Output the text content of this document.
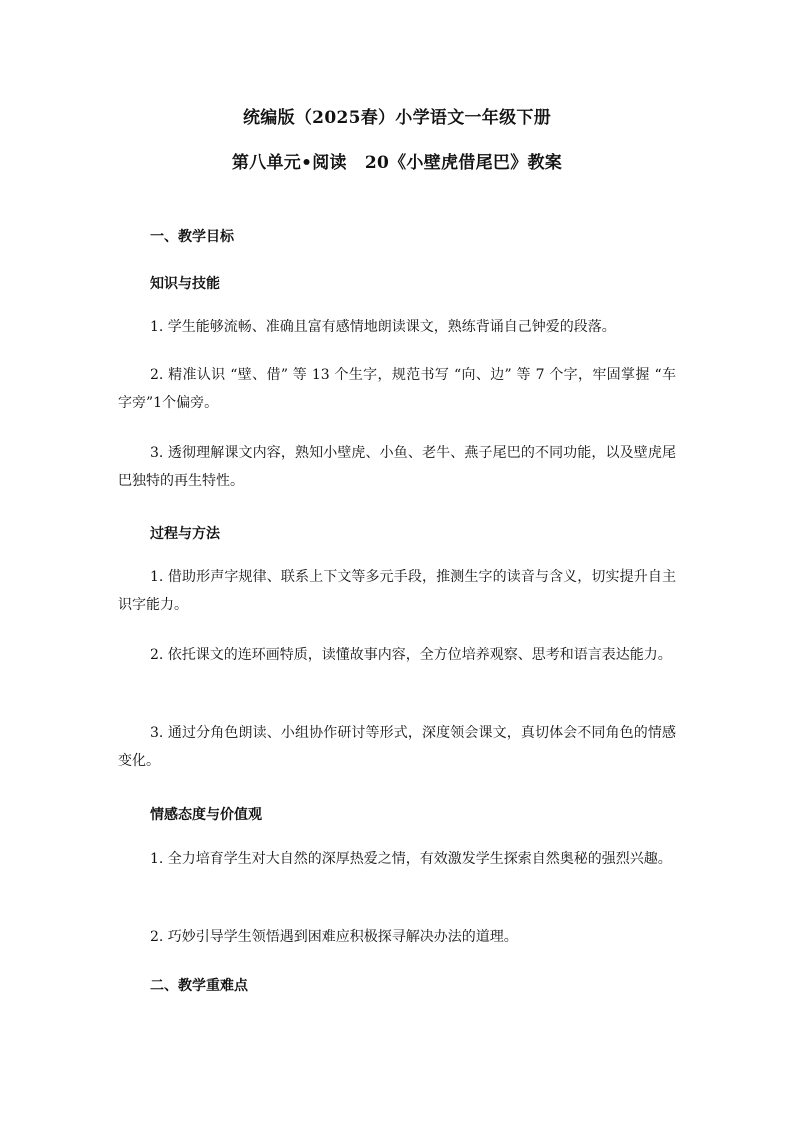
统编版（2025春）小学语文一年级下册
第八单元•阅读 20《小壁虎借尾巴》教案
一、教学目标
知识与技能
1. 学生能够流畅、准确且富有感情地朗读课文，熟练背诵自己钟爱的段落。
2. 精准认识 “壁、借” 等 13 个生字，规范书写 “向、边” 等 7 个字，牢固掌握 “车字旁”1个偏旁。
3. 透彻理解课文内容，熟知小壁虎、小鱼、老牛、燕子尾巴的不同功能，以及壁虎尾巴独特的再生特性。
过程与方法
1. 借助形声字规律、联系上下文等多元手段，推测生字的读音与含义，切实提升自主识字能力。
2. 依托课文的连环画特质，读懂故事内容，全方位培养观察、思考和语言表达能力。
3. 通过分角色朗读、小组协作研讨等形式，深度领会课文，真切体会不同角色的情感变化。
情感态度与价值观
1. 全力培育学生对大自然的深厚热爱之情，有效激发学生探索自然奥秘的强烈兴趣。
2. 巧妙引导学生领悟遇到困难应积极探寻解决办法的道理。
二、教学重难点
